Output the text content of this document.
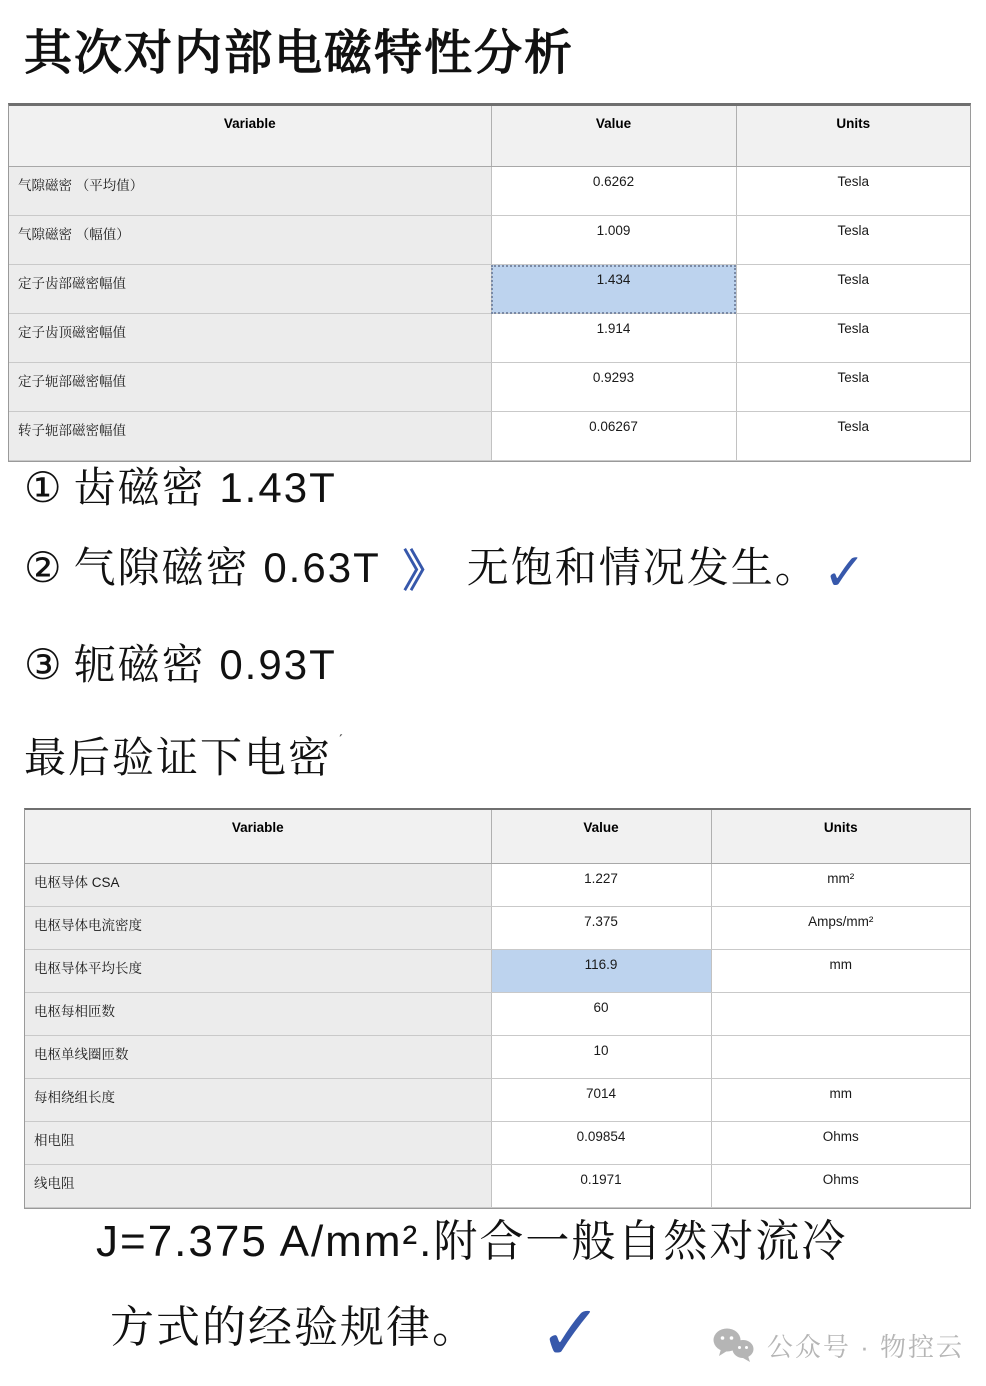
其次对内部电磁特性分析
Variable	Value	Units
气隙磁密 （平均值）	0.6262	Tesla
气隙磁密 （幅值）	1.009	Tesla
定子齿部磁密幅值	1.434	Tesla
定子齿顶磁密幅值	1.914	Tesla
定子轭部磁密幅值	0.9293	Tesla
转子轭部磁密幅值	0.06267	Tesla
① 齿磁密 1.43T
② 气隙磁密 0.63T 》 无饱和情况发生。✓
③ 轭磁密 0.93T
最后验证下电密 $^ˊ$
Variable	Value	Units
电枢导体 CSA	1.227	mm²
电枢导体电流密度	7.375	Amps/mm²
电枢导体平均长度	116.9	mm
电枢每相匝数	60	
电枢单线圈匝数	10	
每相绕组长度	7014	mm
相电阻	0.09854	Ohms
线电阻	0.1971	Ohms
J=7.375 A/mm².附合一般自然对流冷
方式的经验规律。 ✓	公众号 · 物控云
